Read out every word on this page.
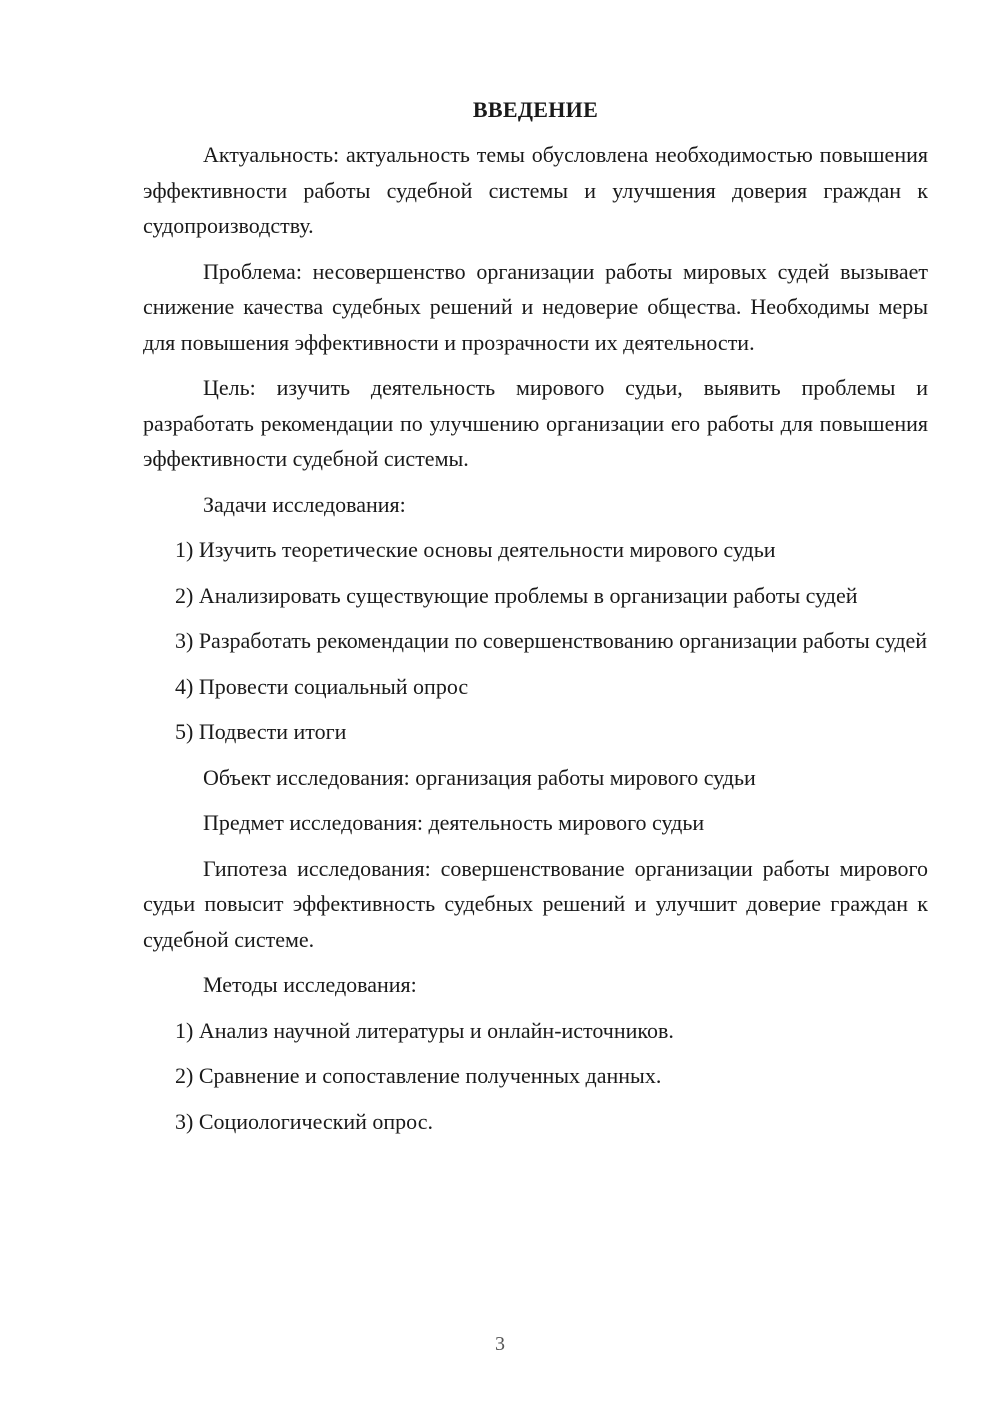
ВВЕДЕНИЕ

Актуальность: актуальность темы обусловлена необходимостью повышения эффективности работы судебной системы и улучшения доверия граждан к судопроизводству.

Проблема: несовершенство организации работы мировых судей вызывает снижение качества судебных решений и недоверие общества. Необходимы меры для повышения эффективности и прозрачности их деятельности.

Цель: изучить деятельность мирового судьи, выявить проблемы и разработать рекомендации по улучшению организации его работы для повышения эффективности судебной системы.

Задачи исследования:

1) Изучить теоретические основы деятельности мирового судьи

2) Анализировать существующие проблемы в организации работы судей

3) Разработать рекомендации по совершенствованию организации работы судей

4) Провести социальный опрос

5) Подвести итоги

Объект исследования: организация работы мирового судьи

Предмет исследования: деятельность мирового судьи

Гипотеза исследования: совершенствование организации работы мирового судьи повысит эффективность судебных решений и улучшит доверие граждан к судебной системе.

Методы исследования:

1) Анализ научной литературы и онлайн-источников.

2) Сравнение и сопоставление полученных данных.

3) Социологический опрос.

3
